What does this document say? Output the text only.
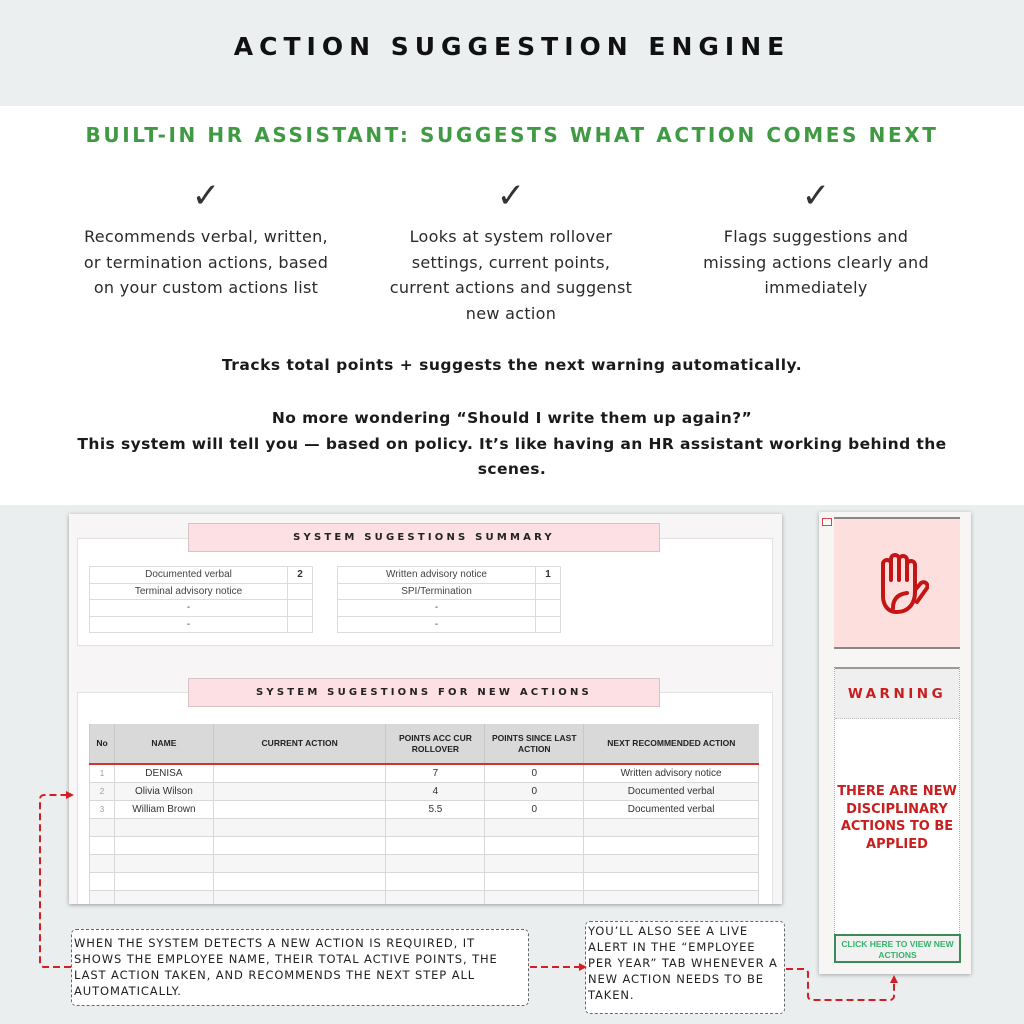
ACTION SUGGESTION ENGINE
BUILT-IN HR ASSISTANT: SUGGESTS WHAT ACTION COMES NEXT
✓
Recommends verbal, written, or termination actions, based on your custom actions list
✓
Looks at system rollover settings, current points, current actions and suggenst new action
✓
Flags suggestions and missing actions clearly and immediately

Tracks total points + suggests the next warning automatically.

No more wondering “Should I write them up again?”
This system will tell you — based on policy. It’s like having an HR assistant working behind the scenes.
SYSTEM SUGESTIONS SUMMARY
Documented verbal	2
Terminal advisory notice	
-	
-	
Written advisory notice	1
SPI/Termination	
-	
-	
SYSTEM SUGESTIONS FOR NEW ACTIONS
No	NAME	CURRENT ACTION	POINTS ACC CUR ROLLOVER	POINTS SINCE LAST ACTION	NEXT RECOMMENDED ACTION
1	DENISA		7	0	Written advisory notice
2	Olivia Wilson		4	0	Documented verbal
3	William Brown		5.5	0	Documented verbal

WARNING
THERE ARE NEW DISCIPLINARY ACTIONS TO BE APPLIED
CLICK HERE TO VIEW NEW ACTIONS
WHEN THE SYSTEM DETECTS A NEW ACTION IS REQUIRED, IT SHOWS THE EMPLOYEE NAME, THEIR TOTAL ACTIVE POINTS, THE LAST ACTION TAKEN, AND RECOMMENDS THE NEXT STEP ALL AUTOMATICALLY.
YOU’LL ALSO SEE A LIVE ALERT IN THE “EMPLOYEE PER YEAR” TAB WHENEVER A NEW ACTION NEEDS TO BE TAKEN.
